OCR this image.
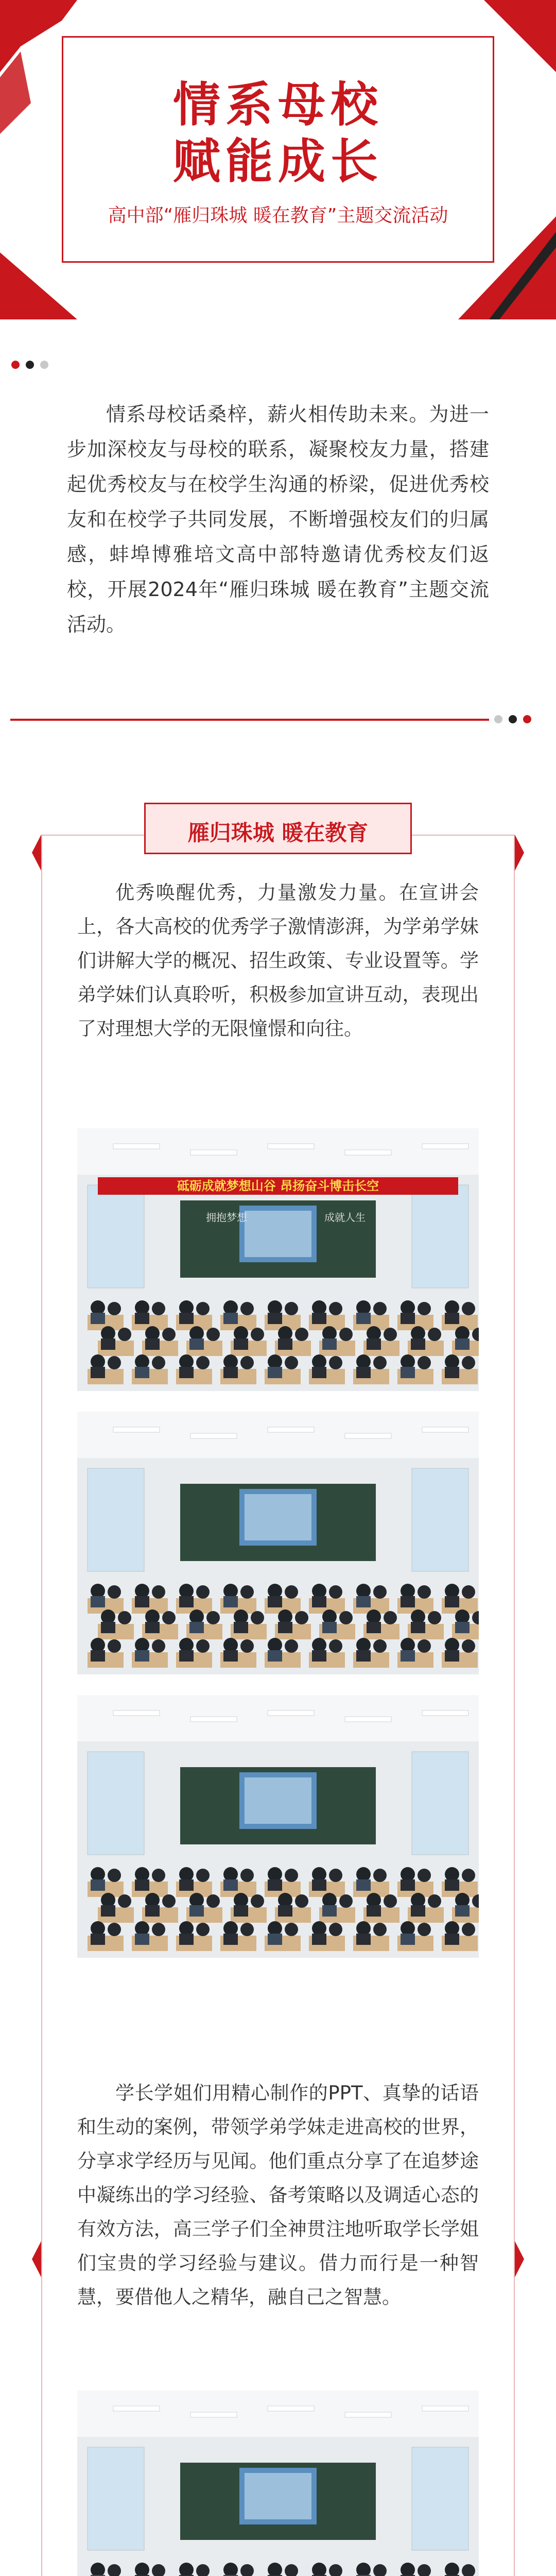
情系母校
赋能成长
高中部“雁归珠城 暖在教育”主题交流活动
情系母校话桑梓，薪火相传助未来。为进一步加深校友与母校的联系，凝聚校友力量，搭建起优秀校友与在校学生沟通的桥梁，促进优秀校友和在校学子共同发展，不断增强校友们的归属感，蚌埠博雅培文高中部特邀请优秀校友们返校，开展2024年“雁归珠城 暖在教育”主题交流活动。
雁归珠城 暖在教育
优秀唤醒优秀，力量激发力量。在宣讲会上，各大高校的优秀学子激情澎湃，为学弟学妹们讲解大学的概况、招生政策、专业设置等。学弟学妹们认真聆听，积极参加宣讲互动，表现出了对理想大学的无限憧憬和向往。
砥砺成就梦想山谷 昂扬奋斗博击长空
拥抱梦想	成就人生
学长学姐们用精心制作的PPT、真挚的话语和生动的案例，带领学弟学妹走进高校的世界，分享求学经历与见闻。他们重点分享了在追梦途中凝练出的学习经验、备考策略以及调适心态的有效方法，高三学子们全神贯注地听取学长学姐们宝贵的学习经验与建议。借力而行是一种智慧，要借他人之精华，融自己之智慧。
